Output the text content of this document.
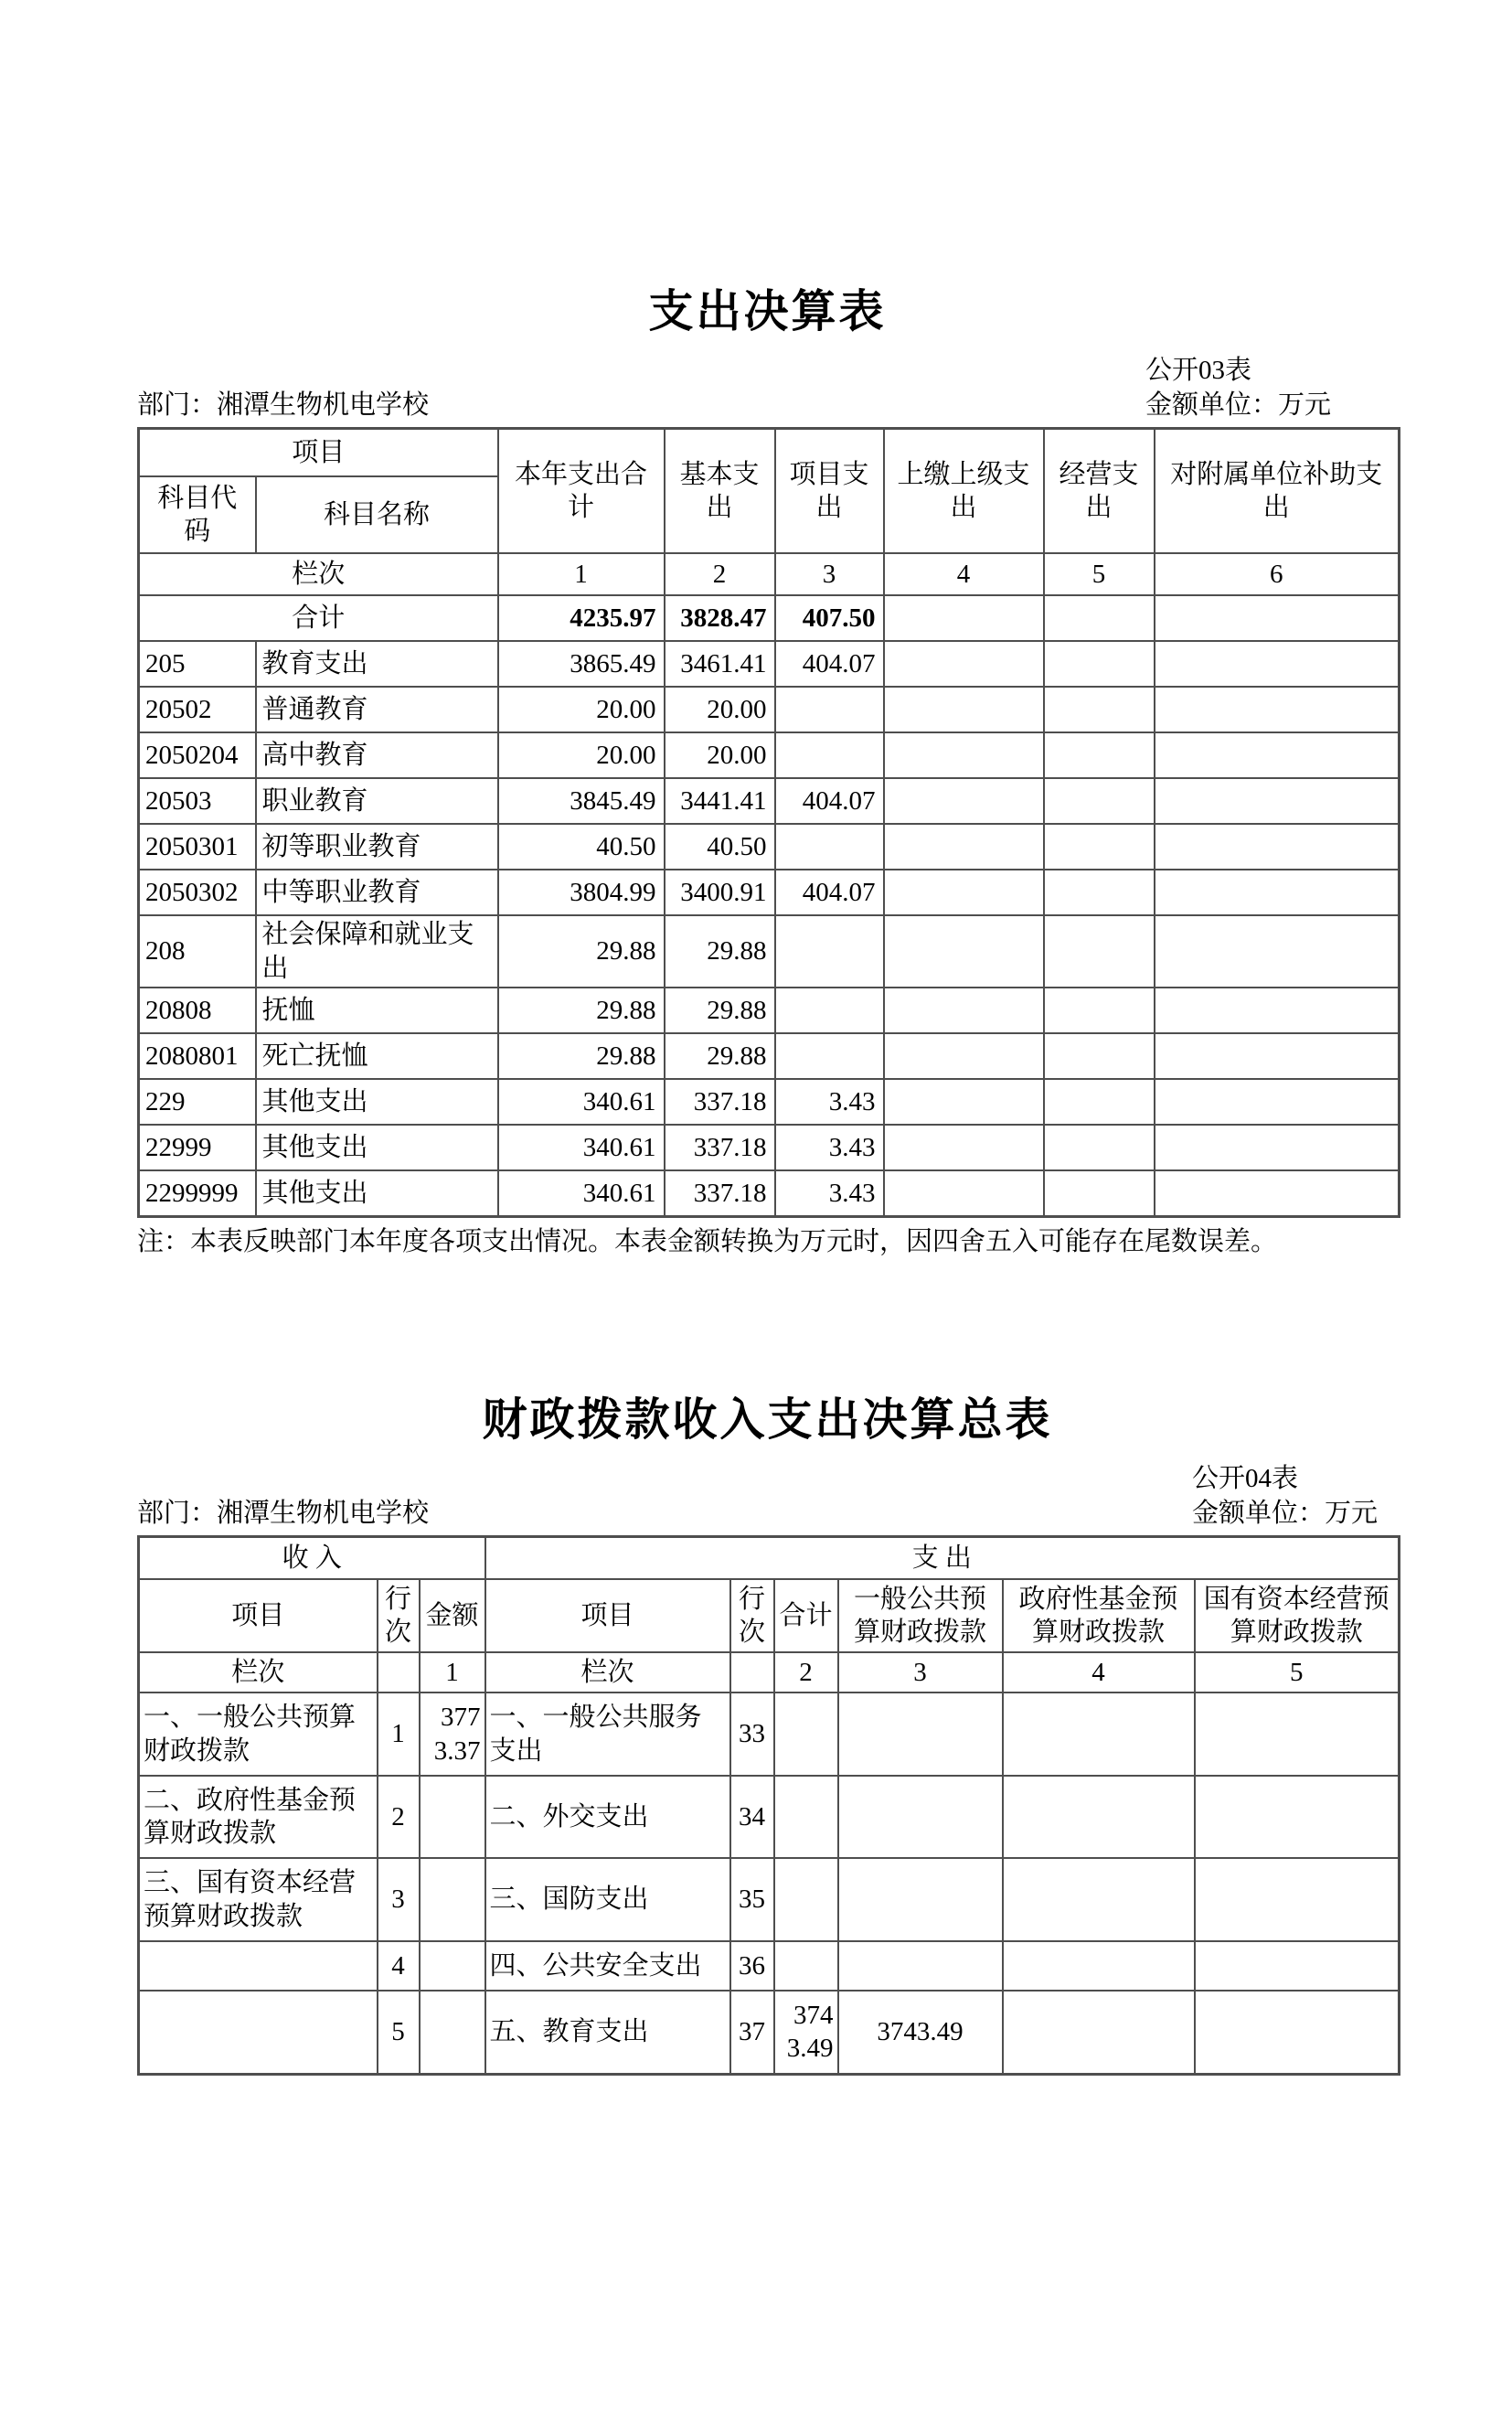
支出决算表
公开03表
部门：湘潭生物机电学校	金额单位：万元
项目		本年支出合计	基本支出	项目支出	上缴上级支出	经营支出	对附属单位补助支出
科目代码	科目名称						
栏次		1	2	3	4	5	6
合计		4235.97	3828.47	407.50			
205	教育支出	3865.49	3461.41	404.07			
20502	普通教育	20.00	20.00				
2050204	高中教育	20.00	20.00				
20503	职业教育	3845.49	3441.41	404.07			
2050301	初等职业教育	40.50	40.50				
2050302	中等职业教育	3804.99	3400.91	404.07			
208	社会保障和就业支出	29.88	29.88				
20808	抚恤	29.88	29.88				
2080801	死亡抚恤	29.88	29.88				
229	其他支出	340.61	337.18	3.43			
22999	其他支出	340.61	337.18	3.43			
2299999	其他支出	340.61	337.18	3.43			

注：本表反映部门本年度各项支出情况。本表金额转换为万元时，因四舍五入可能存在尾数误差。

财政拨款收入支出决算总表
公开04表
部门：湘潭生物机电学校	金额单位：万元
收 入			支 出					
项目	行次	金额	项目	行次	合计	一般公共预算财政拨款	政府性基金预算财政拨款	国有资本经营预算财政拨款
栏次		1	栏次		2	3	4	5
一、一般公共预算财政拨款	1	3773.37	一、一般公共服务支出	33				
二、政府性基金预算财政拨款	2		二、外交支出	34				
三、国有资本经营预算财政拨款	3		三、国防支出	35				
	4		四、公共安全支出	36				
	5		五、教育支出	37	3743.49	3743.49		
